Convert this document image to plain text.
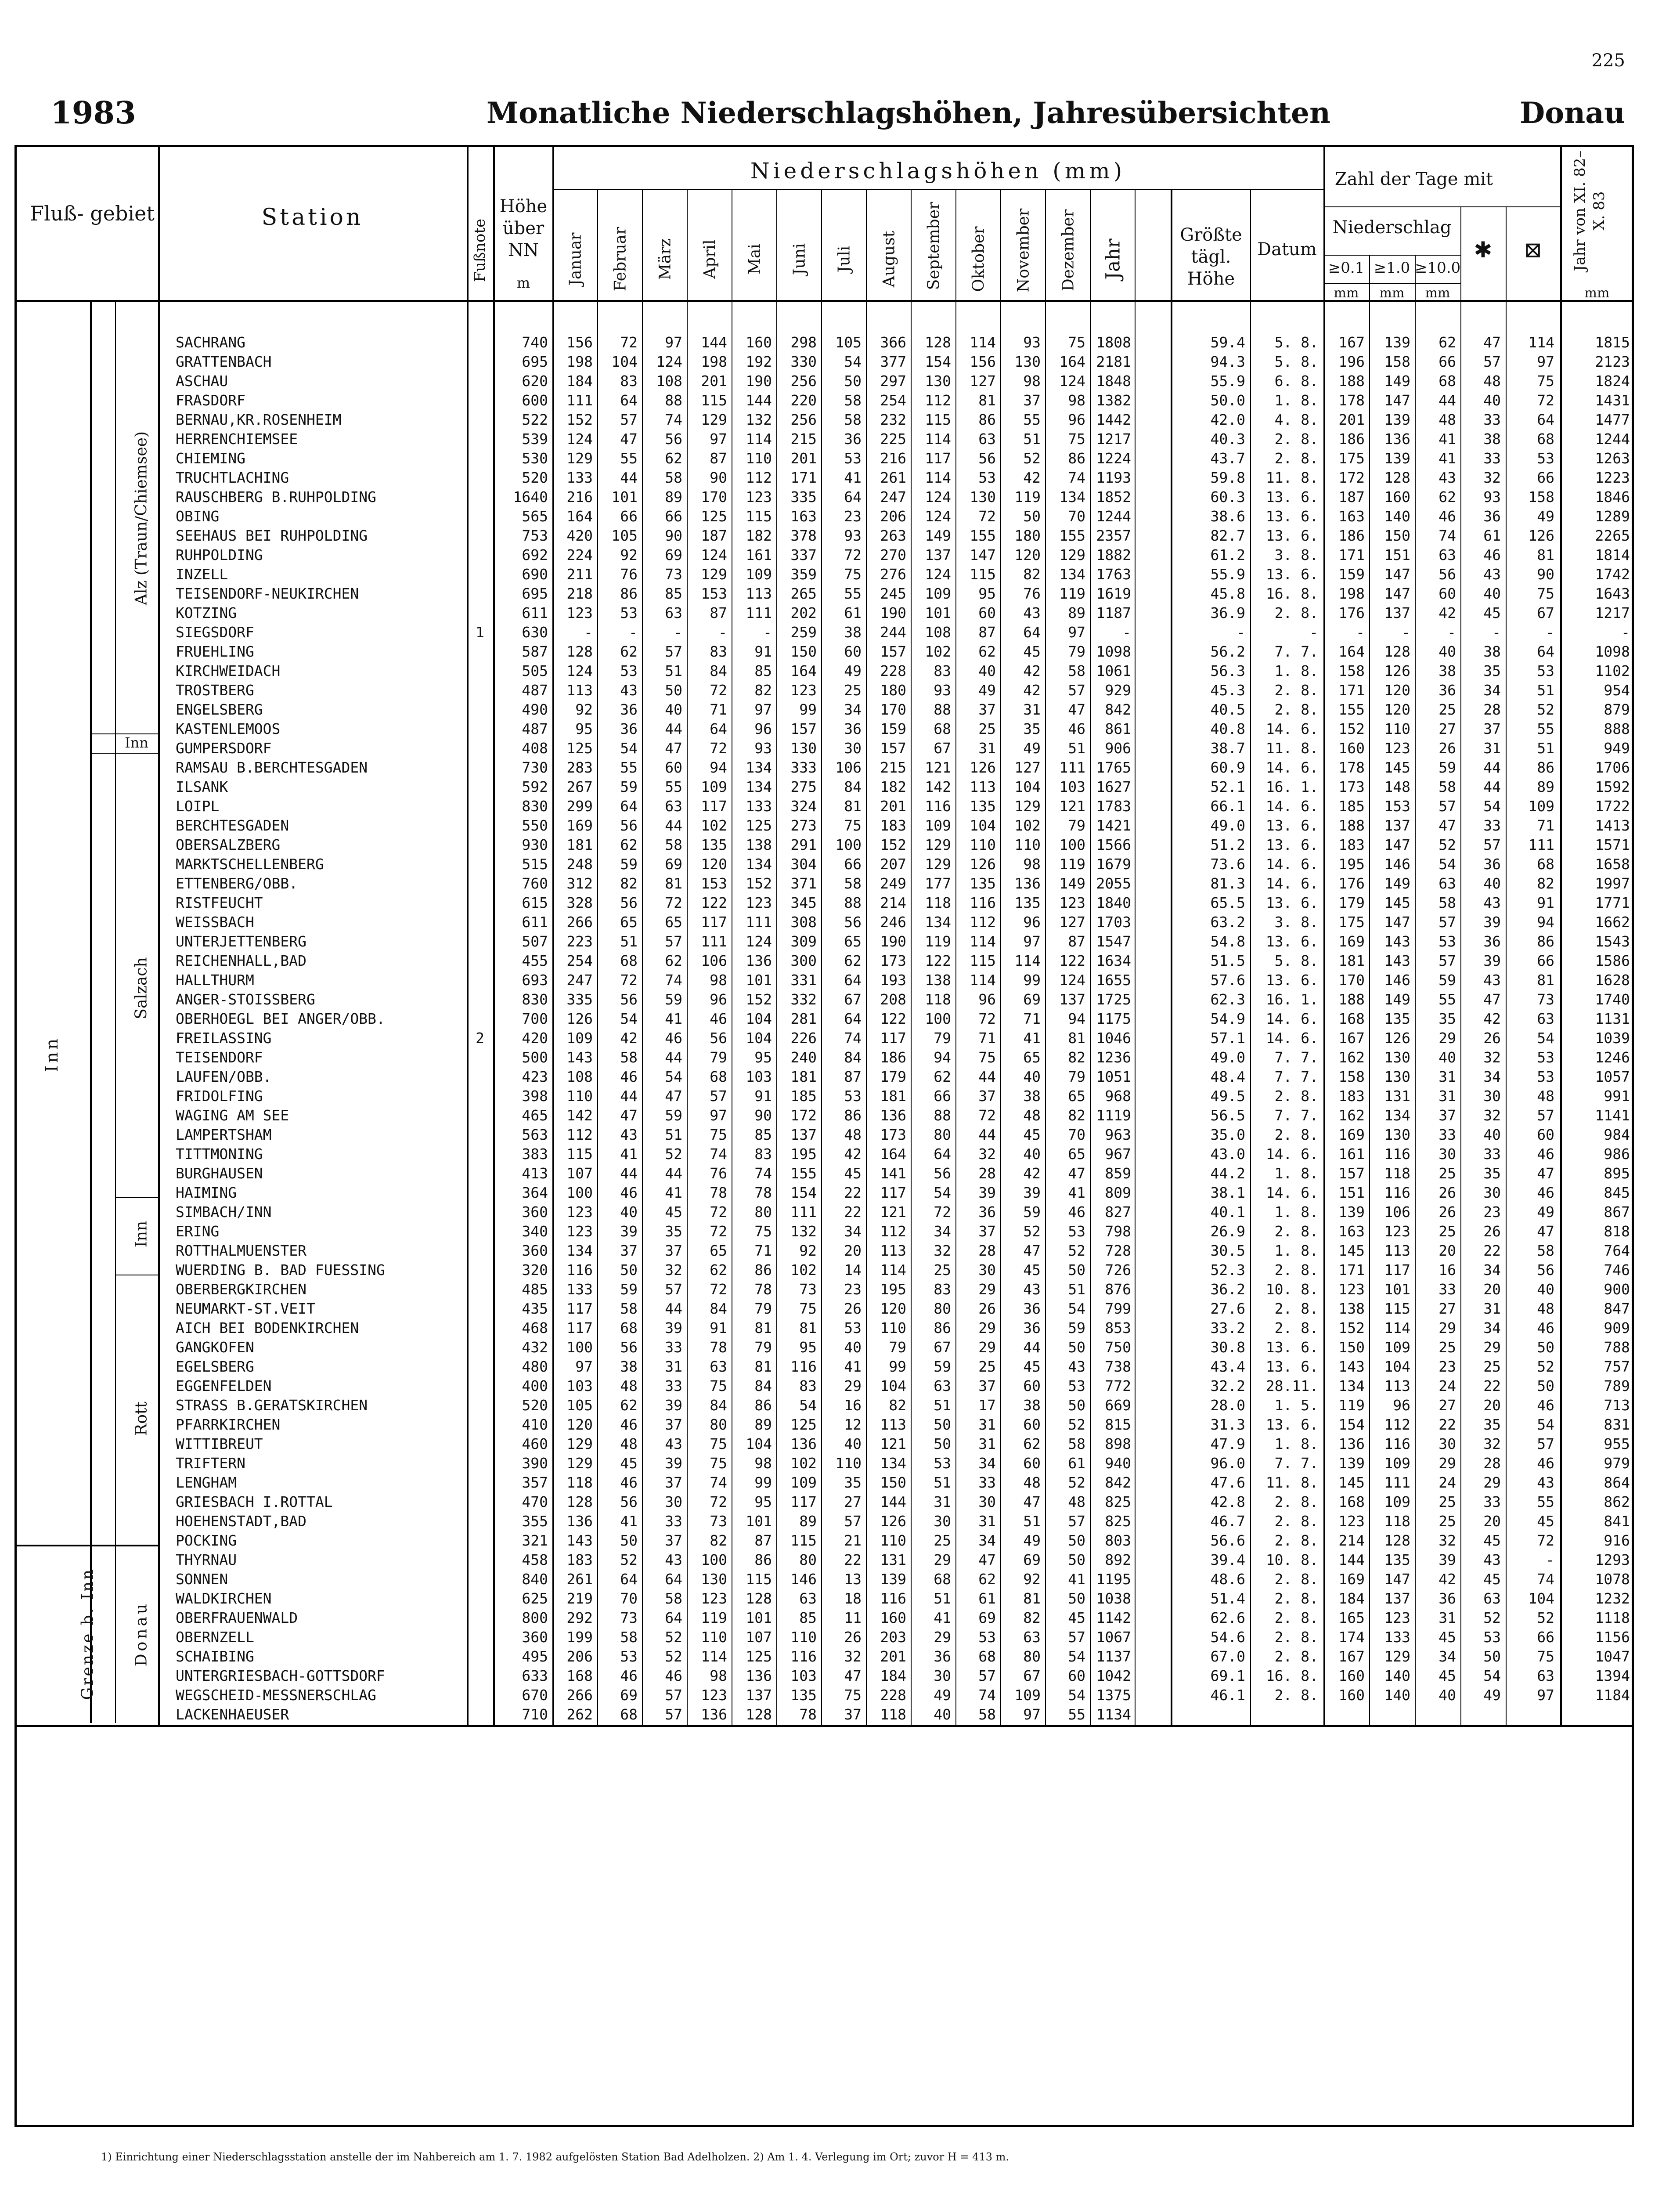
225
1983	Monatliche Niederschlagshöhen, Jahresübersichten	Donau
Fluß- gebiet	Station
Fußnote
Höhe über NN
m
Niederschlagshöhen (mm)
Januar Februar März April Mai Juni Juli August September Oktober November Dezember Jahr
Größte tägl. Höhe
Datum
Zahl der Tage mit
Niederschlag
≥0.1 ≥1.0 ≥10.0
mm	mm	mm
✱	⊠	Jahr von XI. 82–X. 83
mm
Inn
Alz (Traun/Chiemsee)
Inn
Salzach
Inn
Rott
Grenze b. Inn Donau
SACHRANG	740 156 72 97 144 160 298 105 366 128 114 93 75 1808	59.4 5. 8. 167 139 62 47 114	1815
GRATTENBACH	695 198 104 124 198 192 330 54 377 154 156 130 164 2181	94.3 5. 8. 196 158 66 57 97	2123
ASCHAU	620 184 83 108 201 190 256 50 297 130 127 98 124 1848	55.9 6. 8. 188 149 68 48 75	1824
FRASDORF	600 111 64 88 115 144 220 58 254 112 81 37 98 1382	50.0 1. 8. 178 147 44 40 72	1431
BERNAU,KR.ROSENHEIM	522 152 57 74 129 132 256 58 232 115 86 55 96 1442	42.0 4. 8. 201 139 48 33 64	1477
HERRENCHIEMSEE	539 124 47 56 97 114 215 36 225 114 63 51 75 1217	40.3 2. 8. 186 136 41 38 68	1244
CHIEMING	530 129 55 62 87 110 201 53 216 117 56 52 86 1224	43.7 2. 8. 175 139 41 33 53	1263
TRUCHTLACHING	520 133 44 58 90 112 171 41 261 114 53 42 74 1193	59.8 11. 8. 172 128 43 32 66	1223
RAUSCHBERG B.RUHPOLDING	1640 216 101 89 170 123 335 64 247 124 130 119 134 1852	60.3 13. 6. 187 160 62 93 158	1846
OBING	565 164 66 66 125 115 163 23 206 124 72 50 70 1244	38.6 13. 6. 163 140 46 36 49	1289
SEEHAUS BEI RUHPOLDING	753 420 105 90 187 182 378 93 263 149 155 180 155 2357	82.7 13. 6. 186 150 74 61 126	2265
RUHPOLDING	692 224 92 69 124 161 337 72 270 137 147 120 129 1882	61.2 3. 8. 171 151 63 46 81	1814
INZELL	690 211 76 73 129 109 359 75 276 124 115 82 134 1763	55.9 13. 6. 159 147 56 43 90	1742
TEISENDORF-NEUKIRCHEN	695 218 86 85 153 113 265 55 245 109 95 76 119 1619	45.8 16. 8. 198 147 60 40 75	1643
KOTZING	611 123 53 63 87 111 202 61 190 101 60 43 89 1187	36.9 2. 8. 176 137 42 45 67	1217
SIEGSDORF	1	630 - - - - - 259 38 244 108 87 64 97	-	-	-	-	-	- -	-	-
FRUEHLING	587 128 62 57 83 91 150 60 157 102 62 45 79 1098	56.2 7. 7. 164 128 40 38 64	1098
KIRCHWEIDACH	505 124 53 51 84 85 164 49 228 83 40 42 58 1061	56.3 1. 8. 158 126 38 35 53	1102
TROSTBERG	487 113 43 50 72 82 123 25 180 93 49 42 57 929	45.3 2. 8. 171 120 36 34 51	954
ENGELSBERG	490 92 36 40 71 97 99 34 170 88 37 31 47 842	40.5 2. 8. 155 120 25 28 52	879
KASTENLEMOOS	487 95 36 44 64 96 157 36 159 68 25 35 46 861	40.8 14. 6. 152 110 27 37 55	888
GUMPERSDORF	408 125 54 47 72 93 130 30 157 67 31 49 51 906	38.7 11. 8. 160 123 26 31 51	949
RAMSAU B.BERCHTESGADEN	730 283 55 60 94 134 333 106 215 121 126 127 111 1765	60.9 14. 6. 178 145 59 44 86	1706
ILSANK	592 267 59 55 109 134 275 84 182 142 113 104 103 1627	52.1 16. 1. 173 148 58 44 89	1592
LOIPL	830 299 64 63 117 133 324 81 201 116 135 129 121 1783	66.1 14. 6. 185 153 57 54 109	1722
BERCHTESGADEN	550 169 56 44 102 125 273 75 183 109 104 102 79 1421	49.0 13. 6. 188 137 47 33 71	1413
OBERSALZBERG	930 181 62 58 135 138 291 100 152 129 110 110 100 1566	51.2 13. 6. 183 147 52 57 111	1571
MARKTSCHELLENBERG	515 248 59 69 120 134 304 66 207 129 126 98 119 1679	73.6 14. 6. 195 146 54 36 68	1658
ETTENBERG/OBB.	760 312 82 81 153 152 371 58 249 177 135 136 149 2055	81.3 14. 6. 176 149 63 40 82	1997
RISTFEUCHT	615 328 56 72 122 123 345 88 214 118 116 135 123 1840	65.5 13. 6. 179 145 58 43 91	1771
WEISSBACH	611 266 65 65 117 111 308 56 246 134 112 96 127 1703	63.2 3. 8. 175 147 57 39 94	1662
UNTERJETTENBERG	507 223 51 57 111 124 309 65 190 119 114 97 87 1547	54.8 13. 6. 169 143 53 36 86	1543
REICHENHALL,BAD	455 254 68 62 106 136 300 62 173 122 115 114 122 1634	51.5 5. 8. 181 143 57 39 66	1586
HALLTHURM	693 247 72 74 98 101 331 64 193 138 114 99 124 1655	57.6 13. 6. 170 146 59 43 81	1628
ANGER-STOISSBERG	830 335 56 59 96 152 332 67 208 118 96 69 137 1725	62.3 16. 1. 188 149 55 47 73	1740
OBERHOEGL BEI ANGER/OBB.	700 126 54 41 46 104 281 64 122 100 72 71 94 1175	54.9 14. 6. 168 135 35 42 63	1131
FREILASSING	2	420 109 42 46 56 104 226 74 117 79 71 41 81 1046	57.1 14. 6. 167 126 29 26 54	1039
TEISENDORF	500 143 58 44 79 95 240 84 186 94 75 65 82 1236	49.0 7. 7. 162 130 40 32 53	1246
LAUFEN/OBB.	423 108 46 54 68 103 181 87 179 62 44 40 79 1051	48.4 7. 7. 158 130 31 34 53	1057
FRIDOLFING	398 110 44 47 57 91 185 53 181 66 37 38 65 968	49.5 2. 8. 183 131 31 30 48	991
WAGING AM SEE	465 142 47 59 97 90 172 86 136 88 72 48 82 1119	56.5 7. 7. 162 134 37 32 57	1141
LAMPERTSHAM	563 112 43 51 75 85 137 48 173 80 44 45 70 963	35.0 2. 8. 169 130 33 40 60	984
TITTMONING	383 115 41 52 74 83 195 42 164 64 32 40 65 967	43.0 14. 6. 161 116 30 33 46	986
BURGHAUSEN	413 107 44 44 76 74 155 45 141 56 28 42 47 859	44.2 1. 8. 157 118 25 35 47	895
HAIMING	364 100 46 41 78 78 154 22 117 54 39 39 41 809	38.1 14. 6. 151 116 26 30 46	845
SIMBACH/INN	360 123 40 45 72 80 111 22 121 72 36 59 46 827	40.1 1. 8. 139 106 26 23 49	867
ERING	340 123 39 35 72 75 132 34 112 34 37 52 53 798	26.9 2. 8. 163 123 25 26 47	818
ROTTHALMUENSTER	360 134 37 37 65 71 92 20 113 32 28 47 52 728	30.5 1. 8. 145 113 20 22 58	764
WUERDING B. BAD FUESSING	320 116 50 32 62 86 102 14 114 25 30 45 50 726	52.3 2. 8. 171 117 16 34 56	746
OBERBERGKIRCHEN	485 133 59 57 72 78 73 23 195 83 29 43 51 876	36.2 10. 8. 123 101 33 20 40	900
NEUMARKT-ST.VEIT	435 117 58 44 84 79 75 26 120 80 26 36 54 799	27.6 2. 8. 138 115 27 31 48	847
AICH BEI BODENKIRCHEN	468 117 68 39 91 81 81 53 110 86 29 36 59 853	33.2 2. 8. 152 114 29 34 46	909
GANGKOFEN	432 100 56 33 78 79 95 40 79 67 29 44 50 750	30.8 13. 6. 150 109 25 29 50	788
EGELSBERG	480 97 38 31 63 81 116 41 99 59 25 45 43 738	43.4 13. 6. 143 104 23 25 52	757
EGGENFELDEN	400 103 48 33 75 84 83 29 104 63 37 60 53 772	32.2 28.11. 134 113 24 22 50	789
STRASS B.GERATSKIRCHEN	520 105 62 39 84 86 54 16 82 51 17 38 50 669	28.0 1. 5. 119 96 27 20 46	713
PFARRKIRCHEN	410 120 46 37 80 89 125 12 113 50 31 60 52 815	31.3 13. 6. 154 112 22 35 54	831
WITTIBREUT	460 129 48 43 75 104 136 40 121 50 31 62 58 898	47.9 1. 8. 136 116 30 32 57	955
TRIFTERN	390 129 45 39 75 98 102 110 134 53 34 60 61 940	96.0 7. 7. 139 109 29 28 46	979
LENGHAM	357 118 46 37 74 99 109 35 150 51 33 48 52 842	47.6 11. 8. 145 111 24 29 43	864
GRIESBACH I.ROTTAL	470 128 56 30 72 95 117 27 144 31 30 47 48 825	42.8 2. 8. 168 109 25 33 55	862
HOEHENSTADT,BAD	355 136 41 33 73 101 89 57 126 30 31 51 57 825	46.7 2. 8. 123 118 25 20 45	841
POCKING	321 143 50 37 82 87 115 21 110 25 34 49 50 803	56.6 2. 8. 214 128 32 45 72	916
THYRNAU	458 183 52 43 100 86 80 22 131 29 47 69 50 892	39.4 10. 8. 144 135 39 43	-	1293
SONNEN	840 261 64 64 130 115 146 13 139 68 62 92 41 1195	48.6 2. 8. 169 147 42 45 74	1078
WALDKIRCHEN	625 219 70 58 123 128 63 18 116 51 61 81 50 1038	51.4 2. 8. 184 137 36 63 104	1232
OBERFRAUENWALD	800 292 73 64 119 101 85 11 160 41 69 82 45 1142	62.6 2. 8. 165 123 31 52 52	1118
OBERNZELL	360 199 58 52 110 107 110 26 203 29 53 63 57 1067	54.6 2. 8. 174 133 45 53 66	1156
SCHAIBING	495 206 53 52 114 125 116 32 201 36 68 80 54 1137	67.0 2. 8. 167 129 34 50 75	1047
UNTERGRIESBACH-GOTTSDORF	633 168 46 46 98 136 103 47 184 30 57 67 60 1042	69.1 16. 8. 160 140 45 54 63	1394
WEGSCHEID-MESSNERSCHLAG	670 266 69 57 123 137 135 75 228 49 74 109 54 1375	46.1 2. 8. 160 140 40 49 97	1184
LACKENHAEUSER	710 262 68 57 136 128 78 37 118 40 58 97 55 1134
1) Einrichtung einer Niederschlagsstation anstelle der im Nahbereich am 1. 7. 1982 aufgelösten Station Bad Adelholzen. 2) Am 1. 4. Verlegung im Ort; zuvor H = 413 m.
